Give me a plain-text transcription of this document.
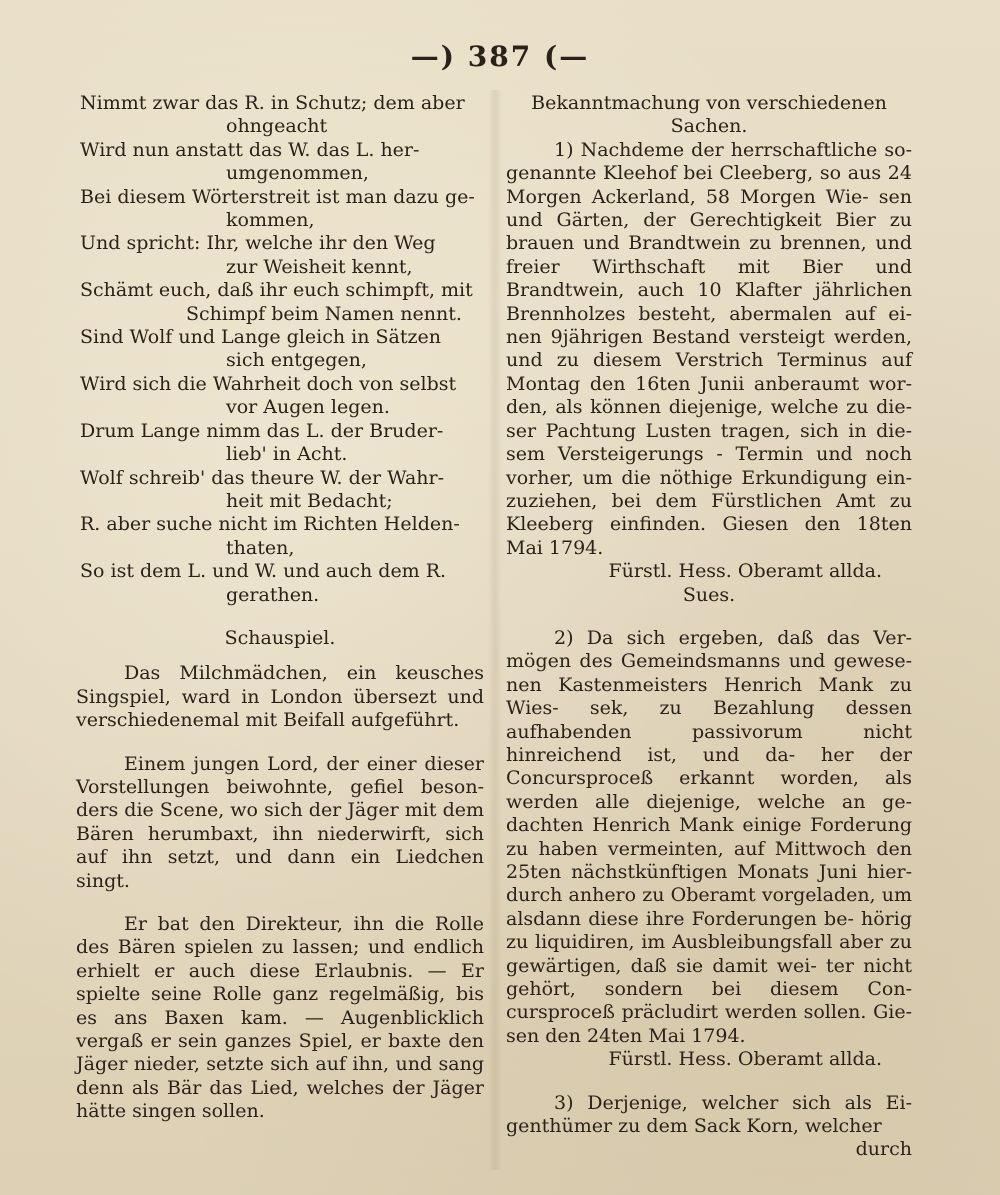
—) 387 (—

Nimmt zwar das R. in Schutz; dem aber

ohngeacht

Wird nun anstatt das W. das L. her-

umgenommen,

Bei diesem Wörterstreit ist man dazu ge-

kommen,

Und spricht: Ihr, welche ihr den Weg

zur Weisheit kennt,

Schämt euch, daß ihr euch schimpft, mit

Schimpf beim Namen nennt.

Sind Wolf und Lange gleich in Sätzen

sich entgegen,

Wird sich die Wahrheit doch von selbst

vor Augen legen.

Drum Lange nimm das L. der Bruder-

lieb' in Acht.

Wolf schreib' das theure W. der Wahr-

heit mit Bedacht;

R. aber suche nicht im Richten Helden-

thaten,

So ist dem L. und W. und auch dem R.

gerathen.

Schauspiel.

Das Milchmädchen, ein keusches Singspiel, ward in London übersezt und verschiedenemal mit Beifall aufgeführt.

Einem jungen Lord, der einer dieser Vorstellungen beiwohnte, gefiel beson- ders die Scene, wo sich der Jäger mit dem Bären herumbaxt, ihn niederwirft, sich auf ihn setzt, und dann ein Liedchen singt.

Er bat den Direkteur, ihn die Rolle des Bären spielen zu lassen; und endlich erhielt er auch diese Erlaubnis. — Er spielte seine Rolle ganz regelmäßig, bis es ans Baxen kam. — Augenblicklich vergaß er sein ganzes Spiel, er baxte den Jäger nieder, setzte sich auf ihn, und sang denn als Bär das Lied, welches der Jäger hätte singen sollen.

Bekanntmachung von verschiedenen

Sachen.

1) Nachdeme der herrschaftliche so- genannte Kleehof bei Cleeberg, so aus 24 Morgen Ackerland, 58 Morgen Wie- sen und Gärten, der Gerechtigkeit Bier zu brauen und Brandtwein zu brennen, und freier Wirthschaft mit Bier und Brandtwein, auch 10 Klafter jährlichen Brennholzes besteht, abermalen auf ei- nen 9jährigen Bestand versteigt werden, und zu diesem Verstrich Terminus auf Montag den 16ten Junii anberaumt wor- den, als können diejenige, welche zu die- ser Pachtung Lusten tragen, sich in die- sem Versteigerungs - Termin und noch vorher, um die nöthige Erkundigung ein- zuziehen, bei dem Fürstlichen Amt zu Kleeberg einfinden. Giesen den 18ten Mai 1794.

Fürstl. Hess. Oberamt allda.

Sues.

2) Da sich ergeben, daß das Ver- mögen des Gemeindsmanns und gewese- nen Kastenmeisters Henrich Mank zu Wies- sek, zu Bezahlung dessen aufhabenden passivorum nicht hinreichend ist, und da- her der Concursproceß erkannt worden, als werden alle diejenige, welche an ge- dachten Henrich Mank einige Forderung zu haben vermeinten, auf Mittwoch den 25ten nächstkünftigen Monats Juni hier- durch anhero zu Oberamt vorgeladen, um alsdann diese ihre Forderungen be- hörig zu liquidiren, im Ausbleibungsfall aber zu gewärtigen, daß sie damit wei- ter nicht gehört, sondern bei diesem Con- cursproceß präcludirt werden sollen. Gie- sen den 24ten Mai 1794.

Fürstl. Hess. Oberamt allda.

3) Derjenige, welcher sich als Ei- genthümer zu dem Sack Korn, welcher

durch
